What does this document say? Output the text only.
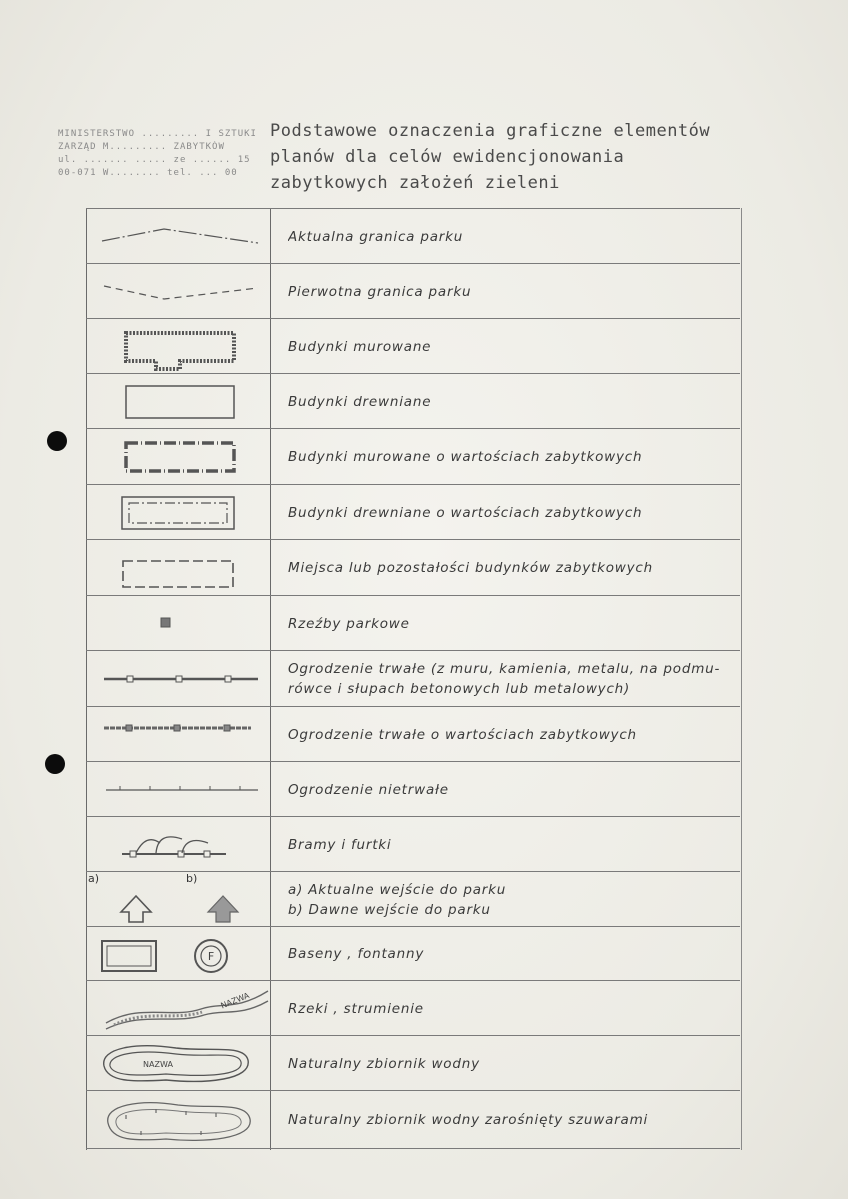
MINISTERSTWO ......... I SZTUKI
ZARZĄD M......... ZABYTKÓW
ul. ....... ..... ze ...... 15
00-071 W........ tel. ... 00
Podstawowe oznaczenia graficzne elementów
planów dla celów ewidencjonowania
zabytkowych założeń zieleni
Aktualna granica parku
Pierwotna granica parku
Budynki murowane
Budynki drewniane
Budynki murowane o wartościach zabytkowych
Budynki drewniane o wartościach zabytkowych
Miejsca lub pozostałości budynków zabytkowych
Rzeźby parkowe
Ogrodzenie trwałe (z muru, kamienia, metalu, na podmu-
rówce i słupach betonowych lub metalowych)
Ogrodzenie trwałe o wartościach zabytkowych
Ogrodzenie nietrwałe
Bramy i furtki
a)	b)
a) Aktualne wejście do parku
b) Dawne wejście do parku
F	Baseny , fontanny
NAZWA	Rzeki , strumienie
NAZWA	Naturalny zbiornik wodny
Naturalny zbiornik wodny zarośnięty szuwarami
